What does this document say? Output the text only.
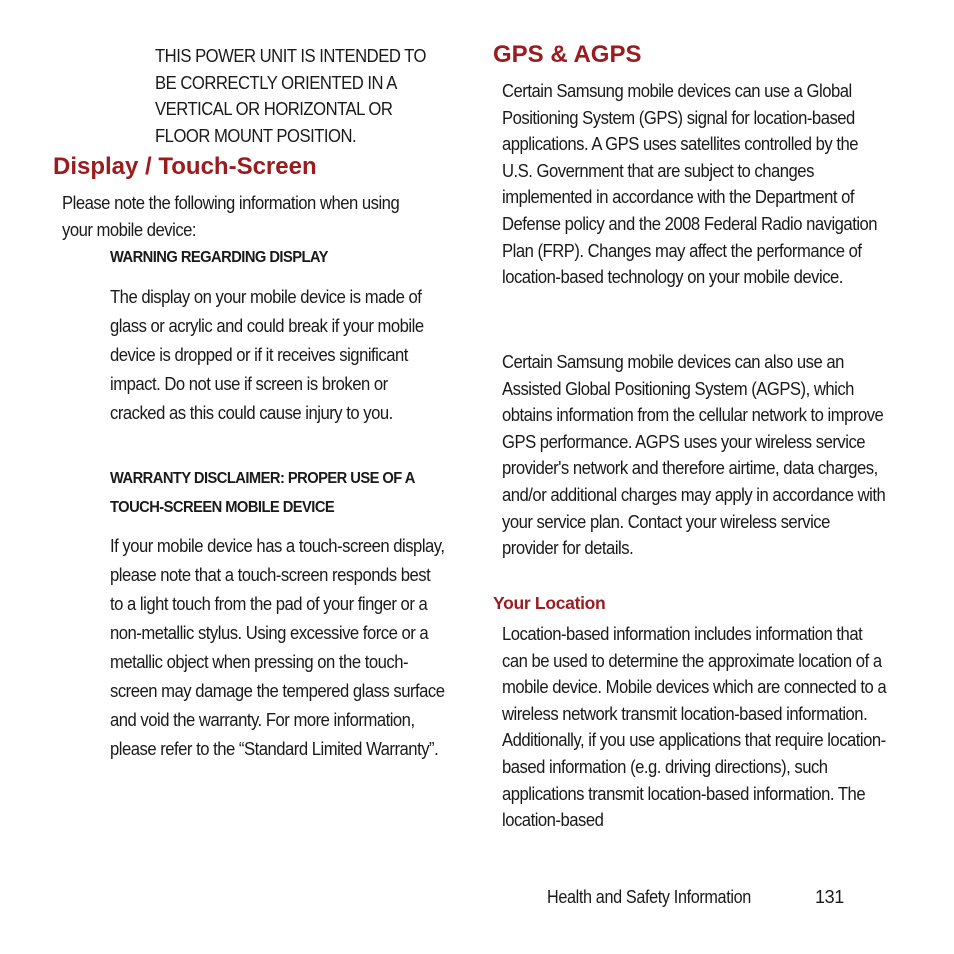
THIS POWER UNIT IS INTENDED TO BE CORRECTLY ORIENTED IN A VERTICAL OR HORIZONTAL OR FLOOR MOUNT POSITION.

Display / Touch-Screen

Please note the following information when using your mobile device:

WARNING REGARDING DISPLAY

The display on your mobile device is made of glass or acrylic and could break if your mobile device is dropped or if it receives significant impact. Do not use if screen is broken or cracked as this could cause injury to you.

WARRANTY DISCLAIMER: PROPER USE OF A TOUCH-SCREEN MOBILE DEVICE

If your mobile device has a touch-screen display, please note that a touch-screen responds best to a light touch from the pad of your finger or a non-metallic stylus. Using excessive force or a metallic object when pressing on the touch-screen may damage the tempered glass surface and void the warranty. For more information, please refer to the “Standard Limited Warranty”.

GPS & AGPS

Certain Samsung mobile devices can use a Global Positioning System (GPS) signal for location-based applications. A GPS uses satellites controlled by the U.S. Government that are subject to changes implemented in accordance with the Department of Defense policy and the 2008 Federal Radio navigation Plan (FRP). Changes may affect the performance of location-based technology on your mobile device.

Certain Samsung mobile devices can also use an Assisted Global Positioning System (AGPS), which obtains information from the cellular network to improve GPS performance. AGPS uses your wireless service provider's network and therefore airtime, data charges, and/or additional charges may apply in accordance with your service plan. Contact your wireless service provider for details.

Your Location

Location-based information includes information that can be used to determine the approximate location of a mobile device. Mobile devices which are connected to a wireless network transmit location-based information. Additionally, if you use applications that require location-based information (e.g. driving directions), such applications transmit location-based information. The location-based

Health and Safety Information	131
